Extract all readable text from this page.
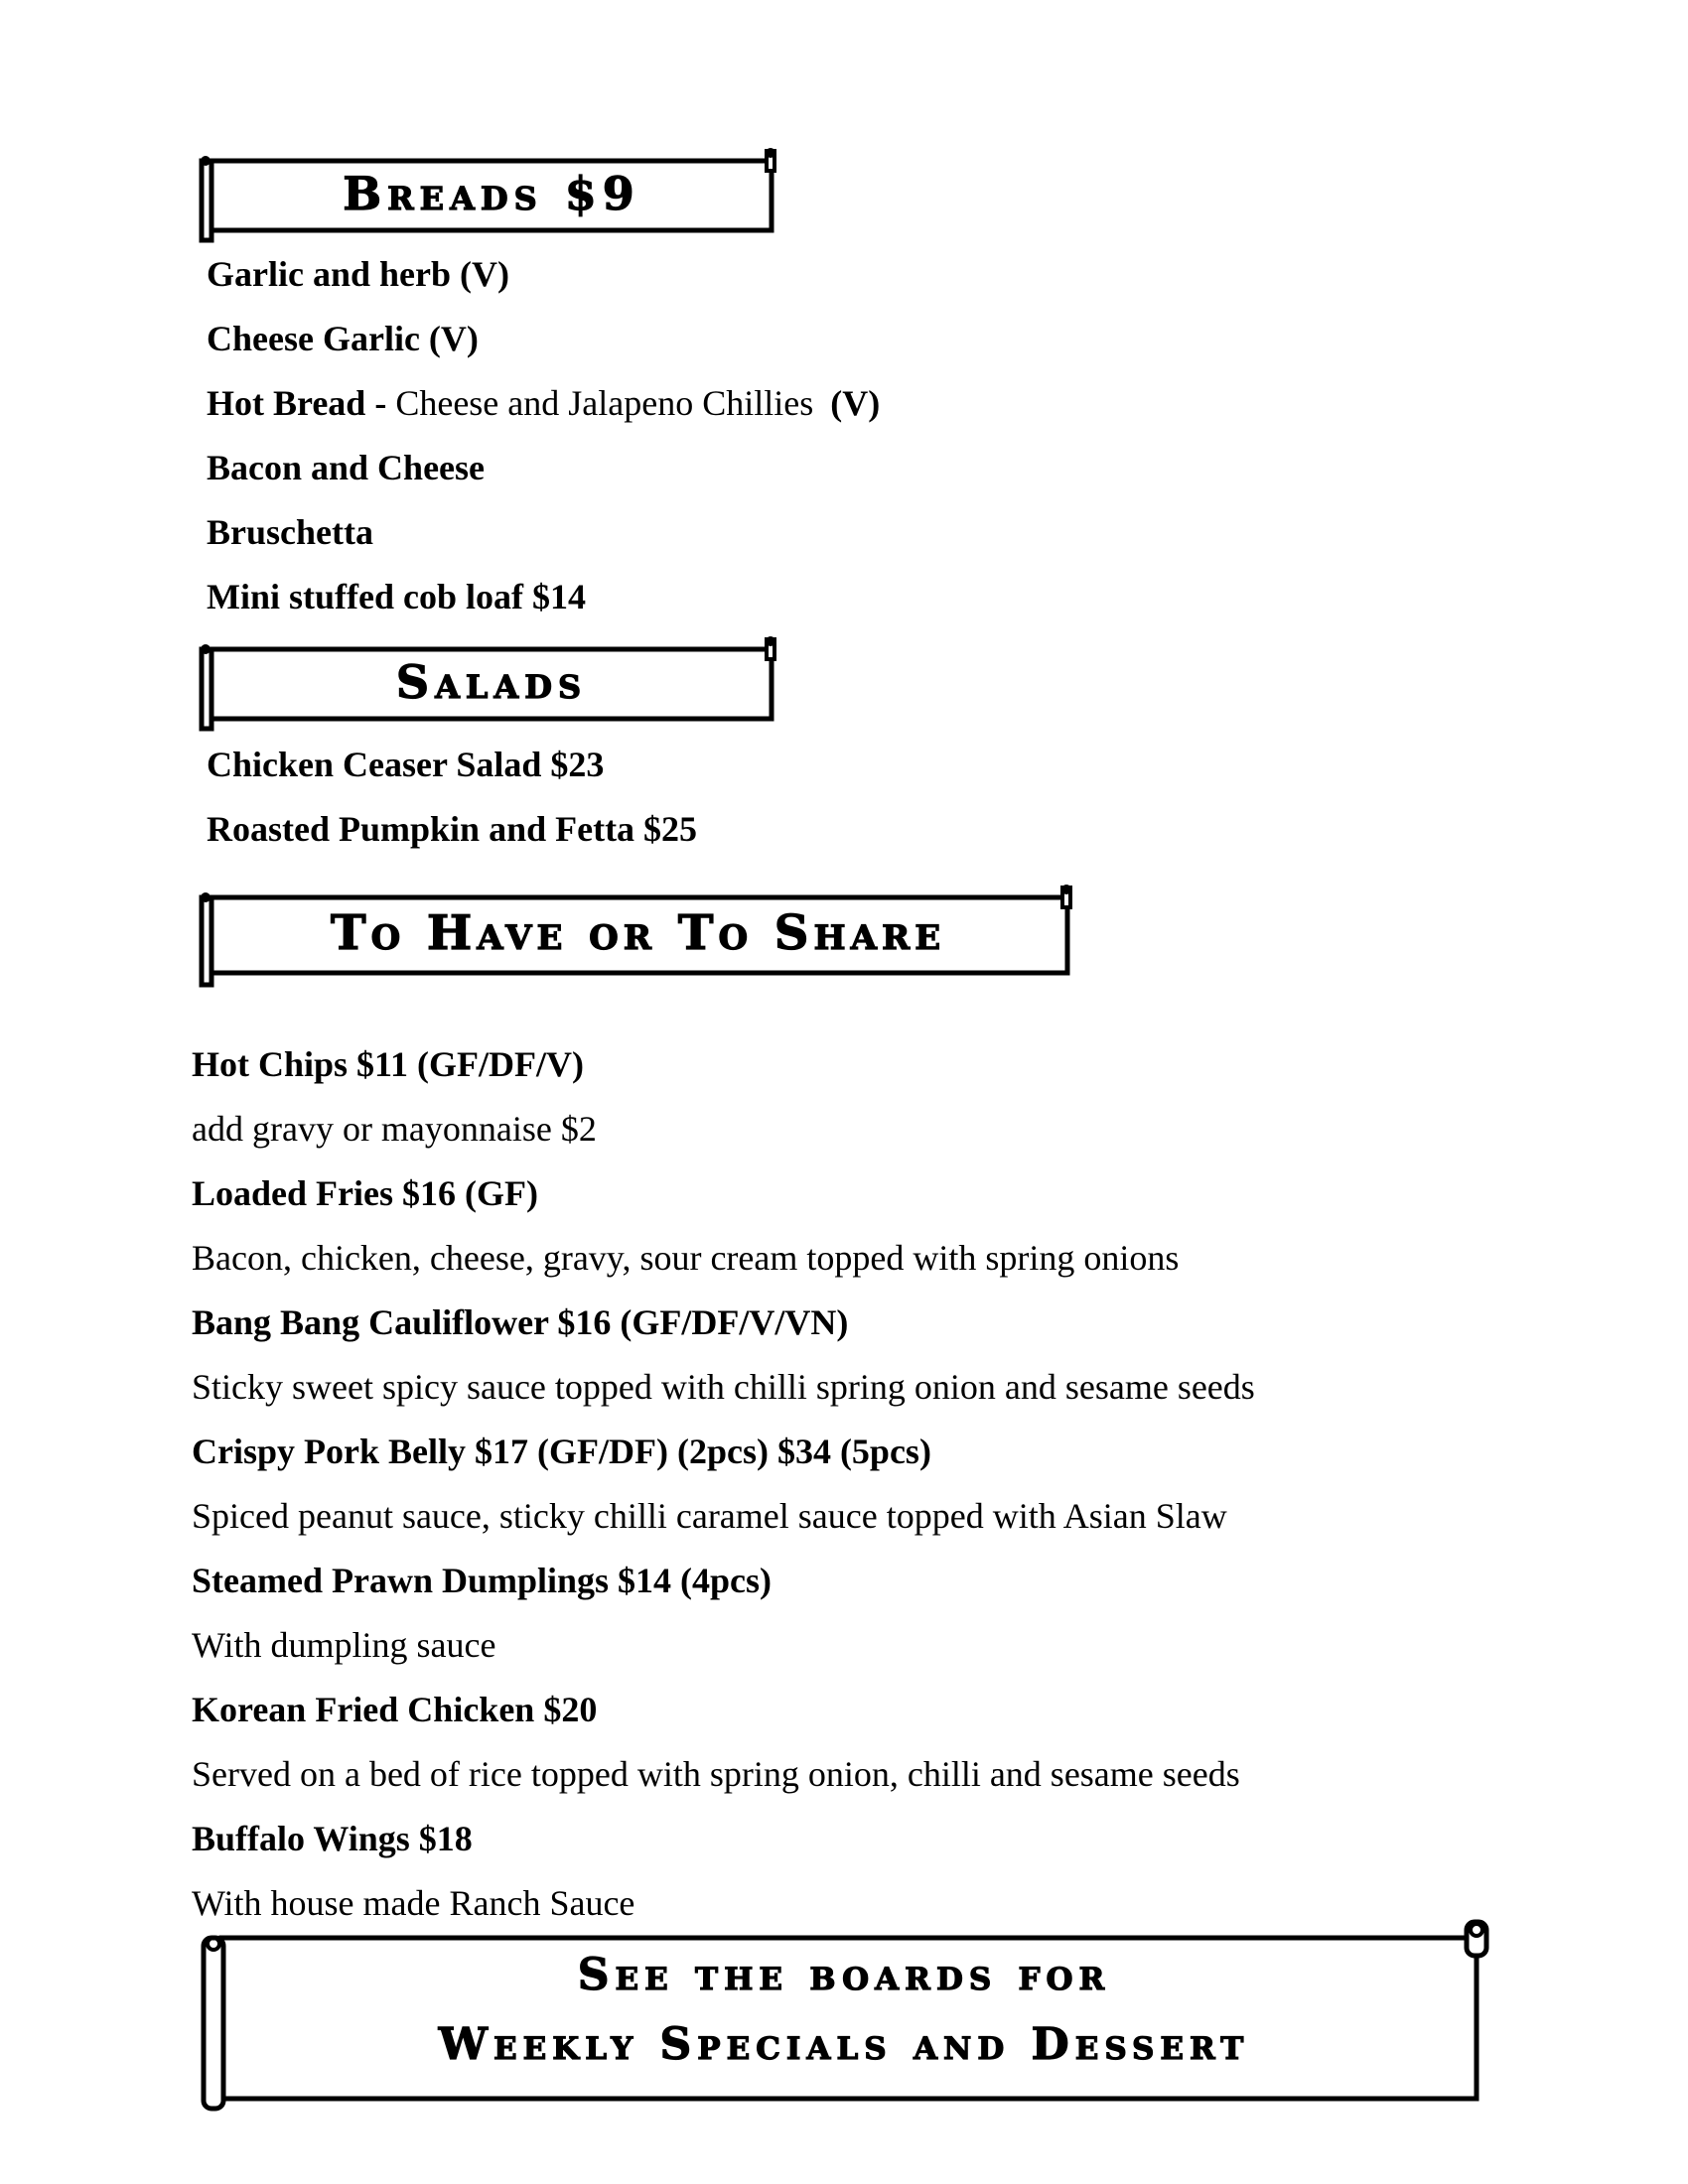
Breads $9
Garlic and herb (V)
Cheese Garlic (V)
Hot Bread - Cheese and Jalapeno Chillies (V)
Bacon and Cheese
Bruschetta
Mini stuffed cob loaf $14
Salads
Chicken Ceaser Salad $23
Roasted Pumpkin and Fetta $25
To Have or To Share
Hot Chips $11 (GF/DF/V)
add gravy or mayonnaise $2
Loaded Fries $16 (GF)
Bacon, chicken, cheese, gravy, sour cream topped with spring onions
Bang Bang Cauliflower $16 (GF/DF/V/VN)
Sticky sweet spicy sauce topped with chilli spring onion and sesame seeds
Crispy Pork Belly $17 (GF/DF) (2pcs) $34 (5pcs)
Spiced peanut sauce, sticky chilli caramel sauce topped with Asian Slaw
Steamed Prawn Dumplings $14 (4pcs)
With dumpling sauce
Korean Fried Chicken $20
Served on a bed of rice topped with spring onion, chilli and sesame seeds
Buffalo Wings $18
With house made Ranch Sauce
See the boards for
Weekly Specials and Dessert
